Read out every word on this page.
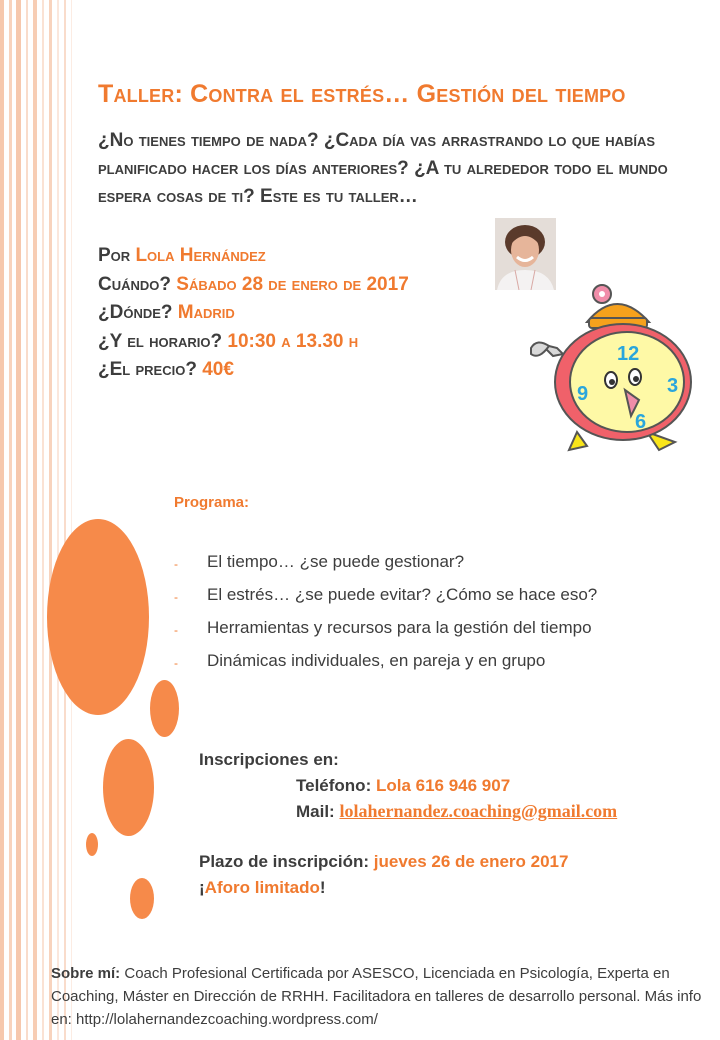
Taller: Contra el estrés… Gestión del tiempo
¿No tienes tiempo de nada? ¿Cada día vas arrastrando lo que habías planificado hacer los días anteriores? ¿A tu alrededor todo el mundo espera cosas de ti? Este es tu taller…
Por Lola Hernández
Cuándo? Sábado 28 de enero de 2017
¿Dónde? Madrid
¿Y el horario? 10:30 a 13.30 h
¿El precio? 40€
12
3
6
9
Programa:
- El tiempo… ¿se puede gestionar?
- El estrés… ¿se puede evitar? ¿Cómo se hace eso?
- Herramientas y recursos para la gestión del tiempo
- Dinámicas individuales, en pareja y en grupo
Inscripciones en:
Teléfono: Lola 616 946 907
Mail: lolahernandez.coaching@gmail.com
Plazo de inscripción: jueves 26 de enero 2017
¡Aforo limitado!
Sobre mí: Coach Profesional Certificada por ASESCO, Licenciada en Psicología, Experta en Coaching, Máster en Dirección de RRHH. Facilitadora en talleres de desarrollo personal. Más info en: http://lolahernandezcoaching.wordpress.com/
